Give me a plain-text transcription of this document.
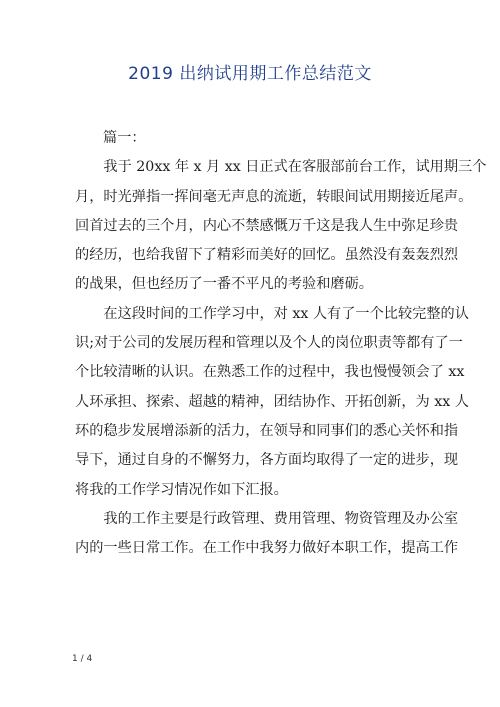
2019 出纳试用期工作总结范文
篇一：
　　我于 20xx 年 x 月 xx 日正式在客服部前台工作，试用期三个
月，时光弹指一挥间毫无声息的流逝，转眼间试用期接近尾声。
回首过去的三个月，内心不禁感慨万千这是我人生中弥足珍贵
的经历，也给我留下了精彩而美好的回忆。虽然没有轰轰烈烈
的战果，但也经历了一番不平凡的考验和磨砺。
　　在这段时间的工作学习中，对 xx 人有了一个比较完整的认
识;对于公司的发展历程和管理以及个人的岗位职责等都有了一
个比较清晰的认识。在熟悉工作的过程中，我也慢慢领会了 xx
人环承担、探索、超越的精神，团结协作、开拓创新，为 xx 人
环的稳步发展增添新的活力，在领导和同事们的悉心关怀和指
导下，通过自身的不懈努力，各方面均取得了一定的进步，现
将我的工作学习情况作如下汇报。
　　我的工作主要是行政管理、费用管理、物资管理及办公室
内的一些日常工作。在工作中我努力做好本职工作，提高工作
1 / 4
